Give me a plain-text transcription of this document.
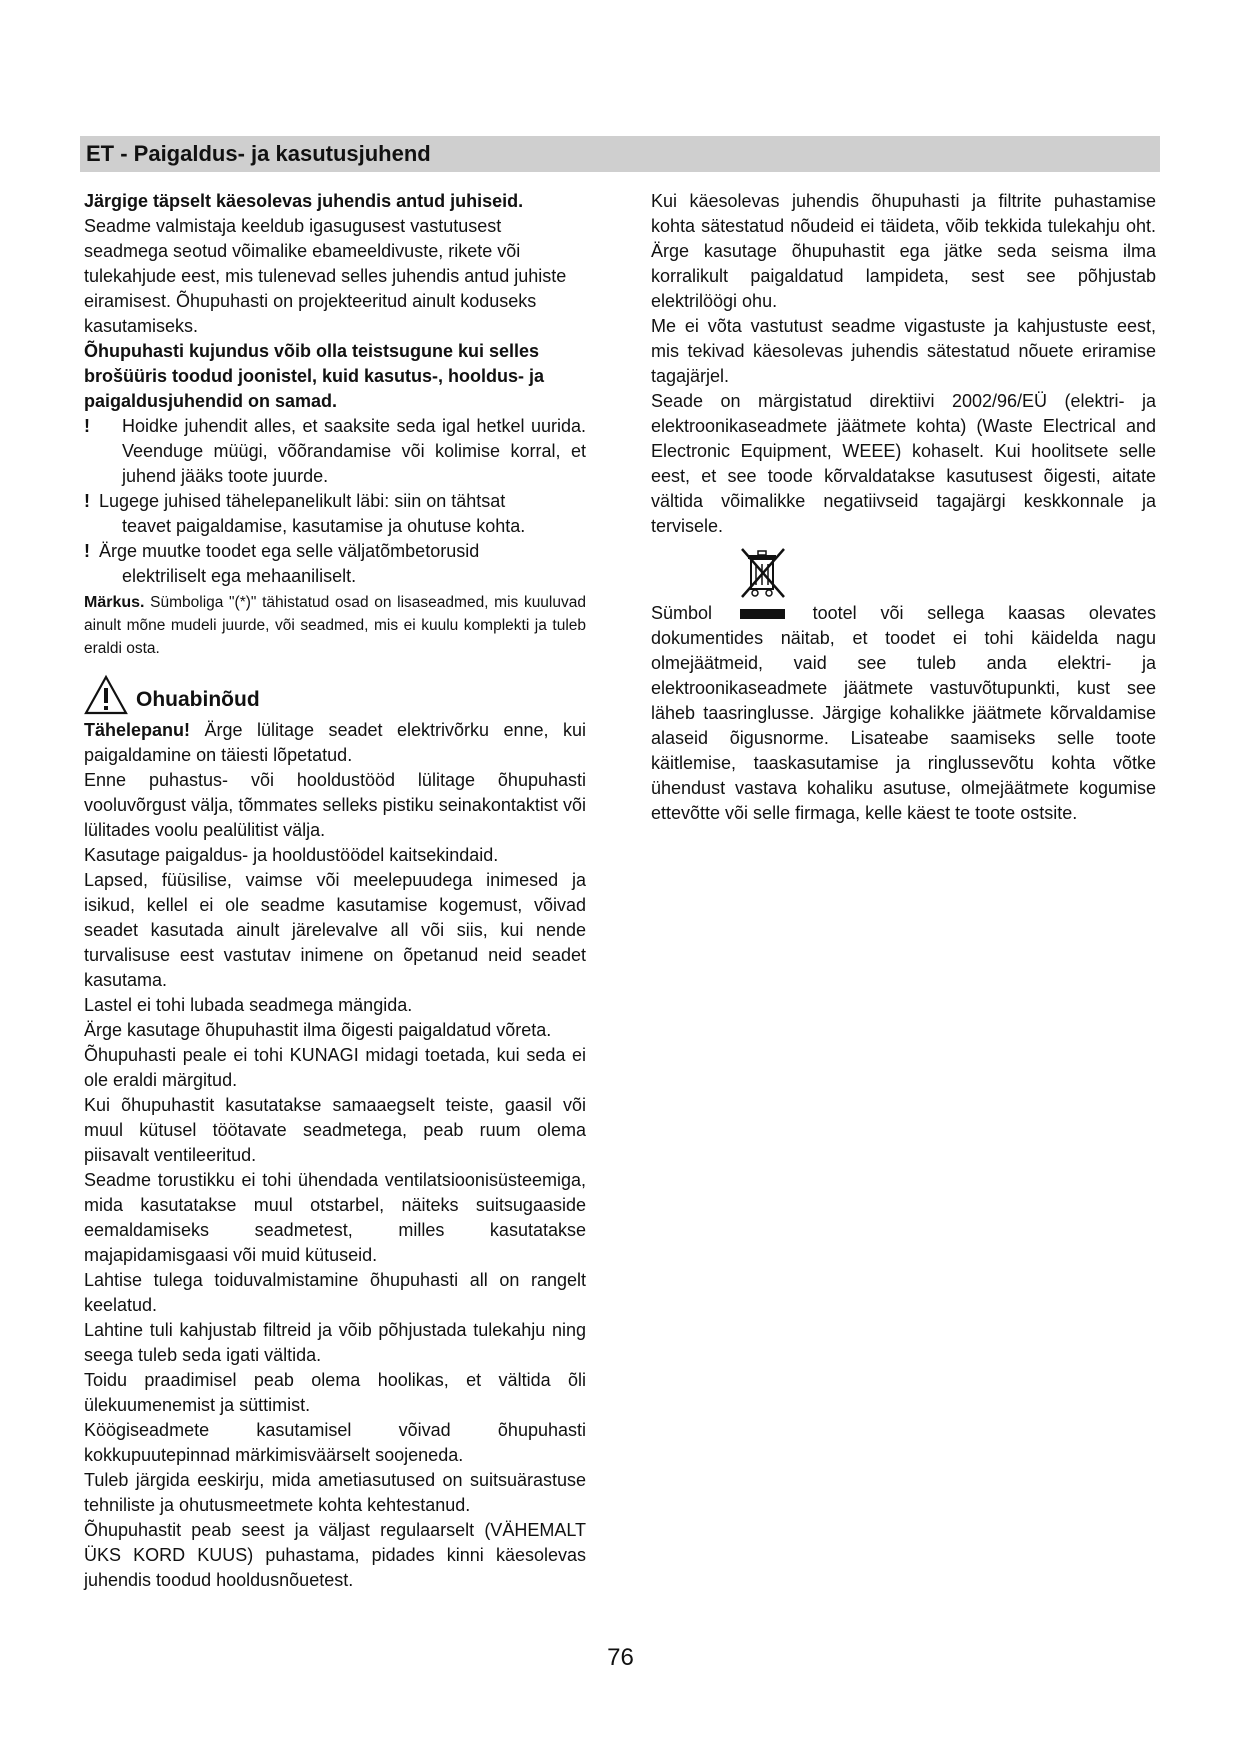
ET - Paigaldus- ja kasutusjuhend

Järgige täpselt käesolevas juhendis antud juhiseid.

Seadme valmistaja keeldub igasugusest vastutusest seadmega seotud võimalike ebameeldivuste, rikete või tulekahjude eest, mis tulenevad selles juhendis antud juhiste eiramisest. Õhupuhasti on projekteeritud ainult koduseks kasutamiseks.

Õhupuhasti kujundus võib olla teistsugune kui selles brošüüris toodud joonistel, kuid kasutus-, hooldus- ja paigaldusjuhendid on samad.

!	Hoidke juhendit alles, et saaksite seda igal hetkel uurida. Veenduge müügi, võõrandamise või kolimise korral, et juhend jääks toote juurde.
! Lugege juhised tähelepanelikult läbi: siin on tähtsat
teavet paigaldamise, kasutamise ja ohutuse kohta.
! Ärge muutke toodet ega selle väljatõmbetorusid
elektriliselt ega mehaaniliselt.

Märkus. Sümboliga "(*)" tähistatud osad on lisaseadmed, mis kuuluvad ainult mõne mudeli juurde, või seadmed, mis ei kuulu komplekti ja tuleb eraldi osta.

Ohuabinõud

Tähelepanu! Ärge lülitage seadet elektrivõrku enne, kui paigaldamine on täiesti lõpetatud.

Enne puhastus- või hooldustööd lülitage õhupuhasti vooluvõrgust välja, tõmmates selleks pistiku seinakontaktist või lülitades voolu pealülitist välja.

Kasutage paigaldus- ja hooldustöödel kaitsekindaid.

Lapsed, füüsilise, vaimse või meelepuudega inimesed ja isikud, kellel ei ole seadme kasutamise kogemust, võivad seadet kasutada ainult järelevalve all või siis, kui nende turvalisuse eest vastutav inimene on õpetanud neid seadet kasutama.

Lastel ei tohi lubada seadmega mängida.

Ärge kasutage õhupuhastit ilma õigesti paigaldatud võreta.

Õhupuhasti peale ei tohi KUNAGI midagi toetada, kui seda ei ole eraldi märgitud.

Kui õhupuhastit kasutatakse samaaegselt teiste, gaasil või muul kütusel töötavate seadmetega, peab ruum olema piisavalt ventileeritud.

Seadme torustikku ei tohi ühendada ventilatsioonisüsteemiga, mida kasutatakse muul otstarbel, näiteks suitsugaaside eemaldamiseks seadmetest, milles kasutatakse majapidamisgaasi või muid kütuseid.

Lahtise tulega toiduvalmistamine õhupuhasti all on rangelt keelatud.

Lahtine tuli kahjustab filtreid ja võib põhjustada tulekahju ning seega tuleb seda igati vältida.

Toidu praadimisel peab olema hoolikas, et vältida õli ülekuumenemist ja süttimist.

Köögiseadmete kasutamisel võivad õhupuhasti kokkupuutepinnad märkimisväärselt soojeneda.

Tuleb järgida eeskirju, mida ametiasutused on suitsuärastuse tehniliste ja ohutusmeetmete kohta kehtestanud.

Õhupuhastit peab seest ja väljast regulaarselt (VÄHEMALT ÜKS KORD KUUS) puhastama, pidades kinni käesolevas juhendis toodud hooldusnõuetest.

Kui käesolevas juhendis õhupuhasti ja filtrite puhastamise kohta sätestatud nõudeid ei täideta, võib tekkida tulekahju oht. Ärge kasutage õhupuhastit ega jätke seda seisma ilma korralikult paigaldatud lampideta, sest see põhjustab elektrilöögi ohu.

Me ei võta vastutust seadme vigastuste ja kahjustuste eest, mis tekivad käesolevas juhendis sätestatud nõuete eriramise tagajärjel.

Seade on märgistatud direktiivi 2002/96/EÜ (elektri- ja elektroonikaseadmete jäätmete kohta) (Waste Electrical and Electronic Equipment, WEEE) kohaselt. Kui hoolitsete selle eest, et see toode kõrvaldatakse kasutusest õigesti, aitate vältida võimalikke negatiivseid tagajärgi keskkonnale ja tervisele.

Sümbol	tootel või sellega kaasas olevates dokumentides näitab, et toodet ei tohi käidelda nagu olmejäätmeid, vaid see tuleb anda elektri- ja elektroonikaseadmete jäätmete vastuvõtupunkti, kust see läheb taasringlusse. Järgige kohalikke jäätmete kõrvaldamise alaseid õigusnorme. Lisateabe saamiseks selle toote käitlemise, taaskasutamise ja ringlussevõtu kohta võtke ühendust vastava kohaliku asutuse, olmejäätmete kogumise ettevõtte või selle firmaga, kelle käest te toote ostsite.

76
